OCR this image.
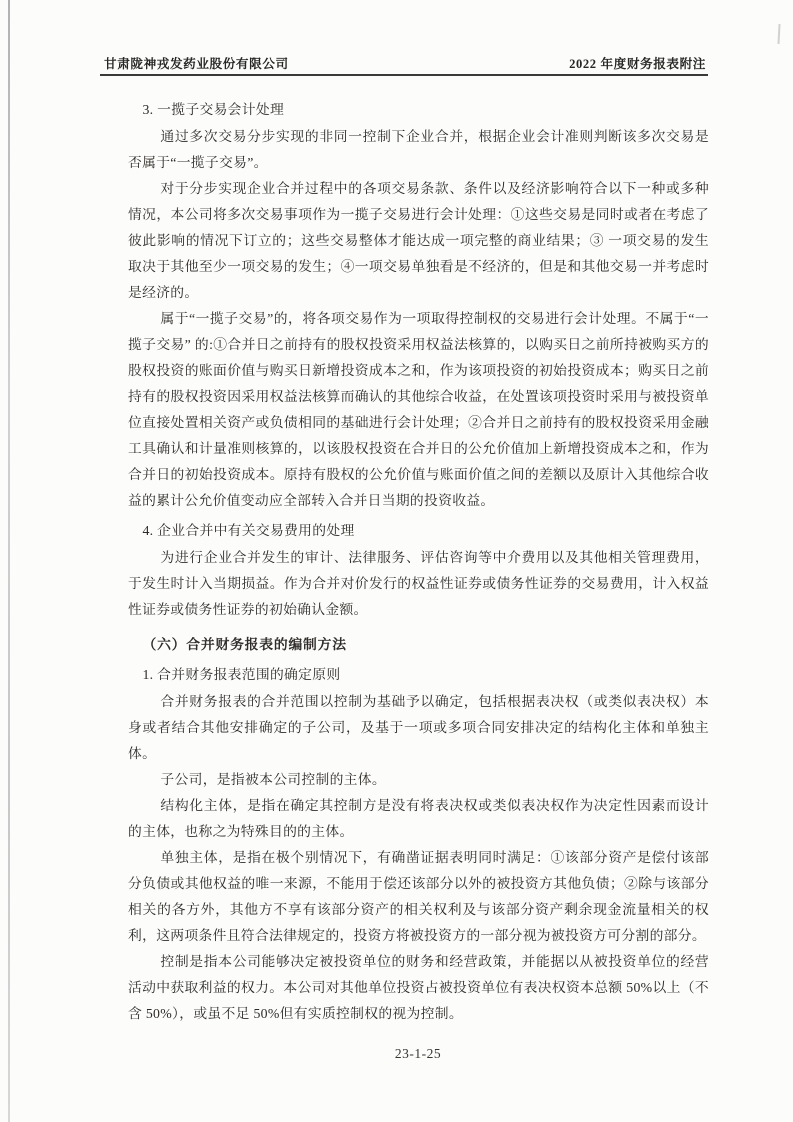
甘肃陇神戎发药业股份有限公司	2022 年度财务报表附注
3. 一揽子交易会计处理
通过多次交易分步实现的非同一控制下企业合并，根据企业会计准则判断该多次交易是否属于“一揽子交易”。
对于分步实现企业合并过程中的各项交易条款、条件以及经济影响符合以下一种或多种情况，本公司将多次交易事项作为一揽子交易进行会计处理：①这些交易是同时或者在考虑了彼此影响的情况下订立的；这些交易整体才能达成一项完整的商业结果；③ 一项交易的发生取决于其他至少一项交易的发生；④一项交易单独看是不经济的，但是和其他交易一并考虑时是经济的。
属于“一揽子交易”的，将各项交易作为一项取得控制权的交易进行会计处理。不属于“一揽子交易” 的:①合并日之前持有的股权投资采用权益法核算的，以购买日之前所持被购买方的股权投资的账面价值与购买日新增投资成本之和，作为该项投资的初始投资成本；购买日之前持有的股权投资因采用权益法核算而确认的其他综合收益，在处置该项投资时采用与被投资单位直接处置相关资产或负债相同的基础进行会计处理；②合并日之前持有的股权投资采用金融工具确认和计量准则核算的，以该股权投资在合并日的公允价值加上新增投资成本之和，作为合并日的初始投资成本。原持有股权的公允价值与账面价值之间的差额以及原计入其他综合收益的累计公允价值变动应全部转入合并日当期的投资收益。
4. 企业合并中有关交易费用的处理
为进行企业合并发生的审计、法律服务、评估咨询等中介费用以及其他相关管理费用，于发生时计入当期损益。作为合并对价发行的权益性证券或债务性证券的交易费用，计入权益性证券或债务性证券的初始确认金额。
（六）合并财务报表的编制方法
1. 合并财务报表范围的确定原则
合并财务报表的合并范围以控制为基础予以确定，包括根据表决权（或类似表决权）本身或者结合其他安排确定的子公司，及基于一项或多项合同安排决定的结构化主体和单独主体。
子公司，是指被本公司控制的主体。
结构化主体，是指在确定其控制方是没有将表决权或类似表决权作为决定性因素而设计的主体，也称之为特殊目的的主体。
单独主体，是指在极个别情况下，有确凿证据表明同时满足：①该部分资产是偿付该部分负债或其他权益的唯一来源，不能用于偿还该部分以外的被投资方其他负债；②除与该部分相关的各方外，其他方不享有该部分资产的相关权利及与该部分资产剩余现金流量相关的权利，这两项条件且符合法律规定的，投资方将被投资方的一部分视为被投资方可分割的部分。
控制是指本公司能够决定被投资单位的财务和经营政策，并能据以从被投资单位的经营活动中获取利益的权力。本公司对其他单位投资占被投资单位有表决权资本总额 50%以上（不含 50%），或虽不足 50%但有实质控制权的视为控制。
23-1-25
